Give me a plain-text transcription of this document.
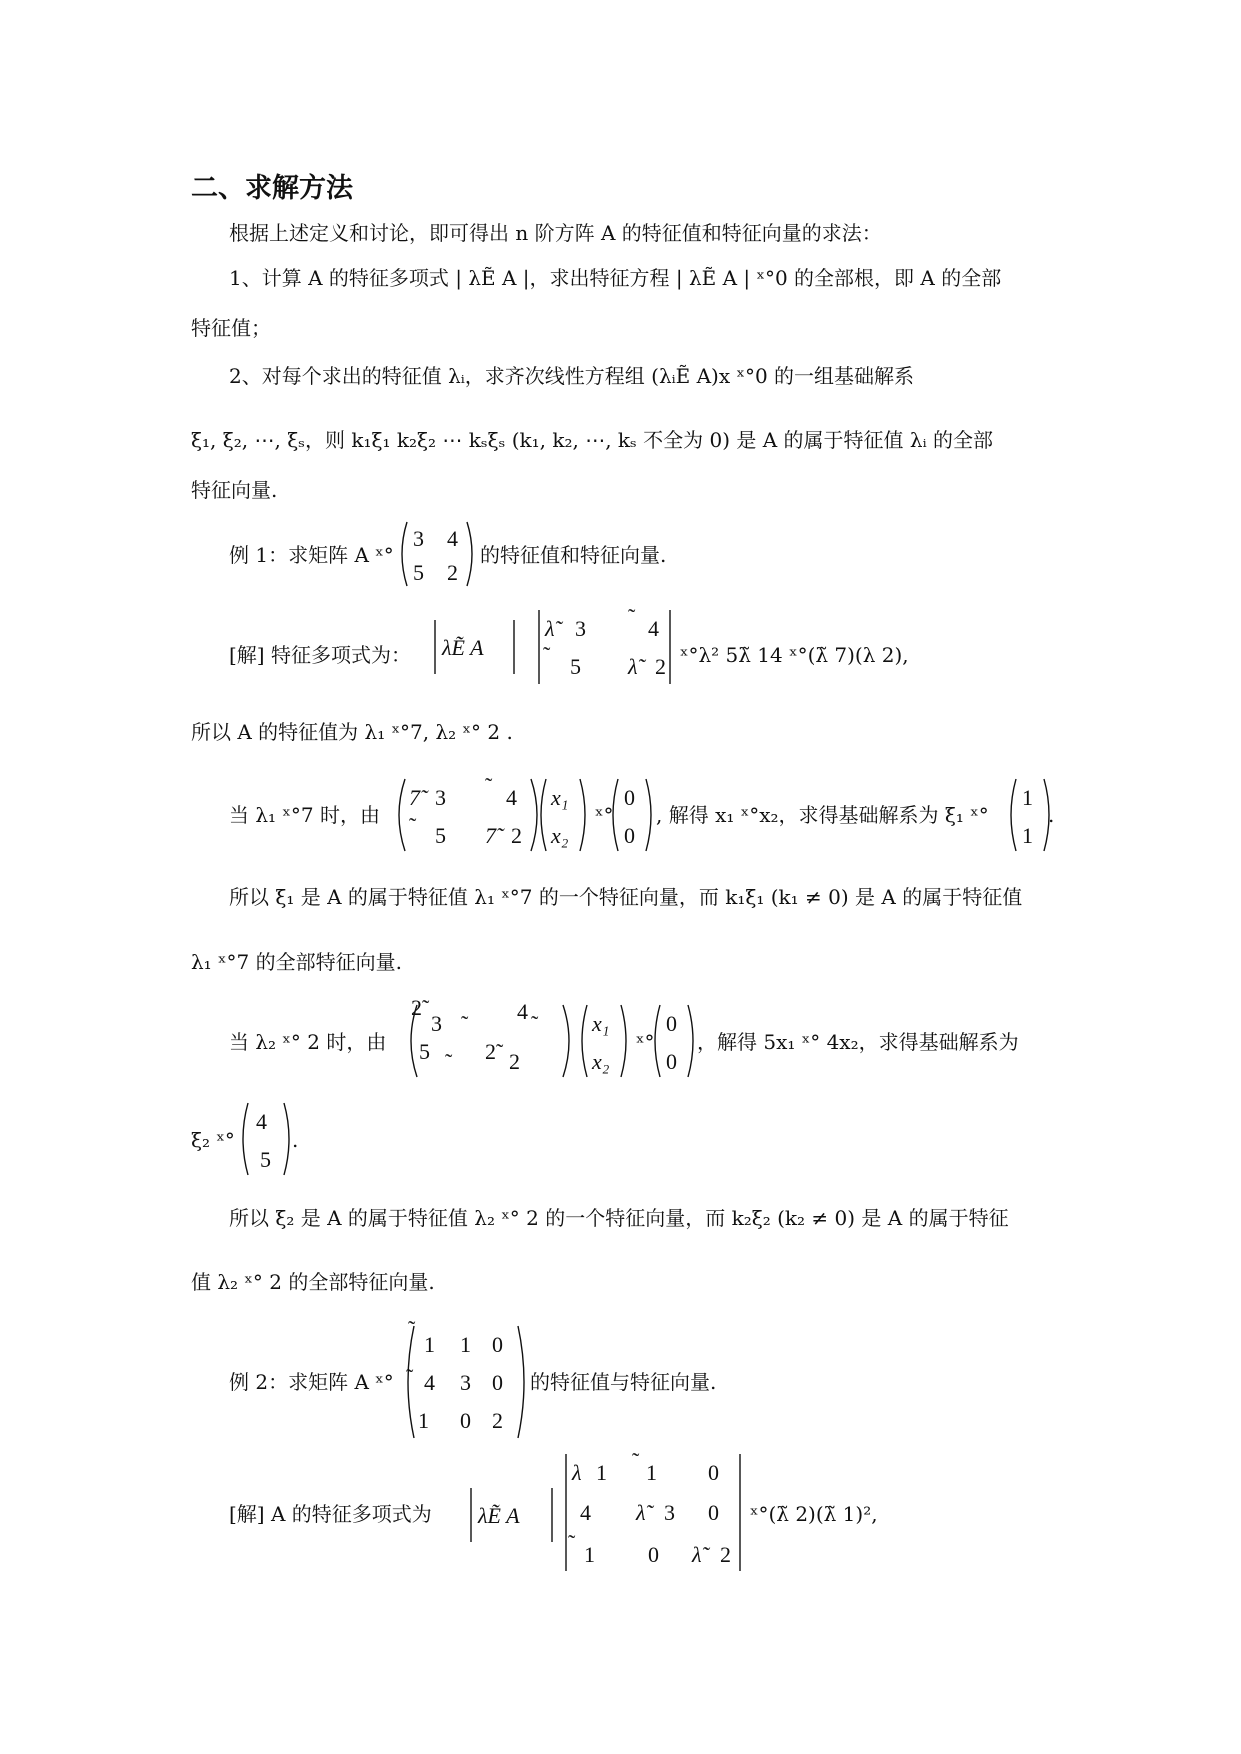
二、求解方法
根据上述定义和讨论，即可得出 n 阶方阵 A 的特征值和特征向量的求法：
1、计算 A 的特征多项式 | λẼ A |，求出特征方程 | λẼ A | ˣ°0 的全部根，即 A 的全部
特征值；
2、对每个求出的特征值 λᵢ，求齐次线性方程组 (λᵢẼ A)x ˣ°0 的一组基础解系
ξ₁, ξ₂, ⋯, ξₛ，则 k₁ξ₁ k₂ξ₂ ⋯ kₛξₛ (k₁, k₂, ⋯, kₛ 不全为 0) 是 A 的属于特征值 λᵢ 的全部
特征向量.
例 1：求矩阵 A ˣ°
3 4
5 2
的特征值和特征向量.
[解] 特征多项式为： λẼ A
λ̃ 3 ˜ 4
˜ 5 λ̃ 2 ˣ°λ² 5λ̃ 14 ˣ°(λ̃ 7)(λ 2),
所以 A 的特征值为 λ₁ ˣ°7, λ₂ ˣ° 2 .
当 λ₁ ˣ°7 时，由
7̃ 3 ˜ 4
˜ 5 7̃ 2
x₁
x₂
ˣ°
0
0
, 解得 x₁ ˣ°x₂，求得基础解系为 ξ₁ ˣ°
1
1
.
所以 ξ₁ 是 A 的属于特征值 λ₁ ˣ°7 的一个特征向量，而 k₁ξ₁ (k₁ ≠ 0) 是 A 的属于特征值
λ₁ ˣ°7 的全部特征向量.
当 λ₂ ˣ° 2 时，由
2̃
3 ˜ 4 ˜
5 ˜ 2̃ 2
x₁
x₂
ˣ°
0
0
，解得 5x₁ ˣ° 4x₂，求得基础解系为
ξ₂ ˣ°
4
5
.
所以 ξ₂ 是 A 的属于特征值 λ₂ ˣ° 2 的一个特征向量，而 k₂ξ₂ (k₂ ≠ 0) 是 A 的属于特征
值 λ₂ ˣ° 2 的全部特征向量.
例 2：求矩阵 A ˣ°
˜
1 1 0
˜ 4 3 0
1 0 2
的特征值与特征向量.
[解] A 的特征多项式为 λẼ A
λ 1 ˜ 1 0
4 λ̃ 3 0
˜ 1 0 λ̃ 2
ˣ°(λ̃ 2)(λ̃ 1)²,
